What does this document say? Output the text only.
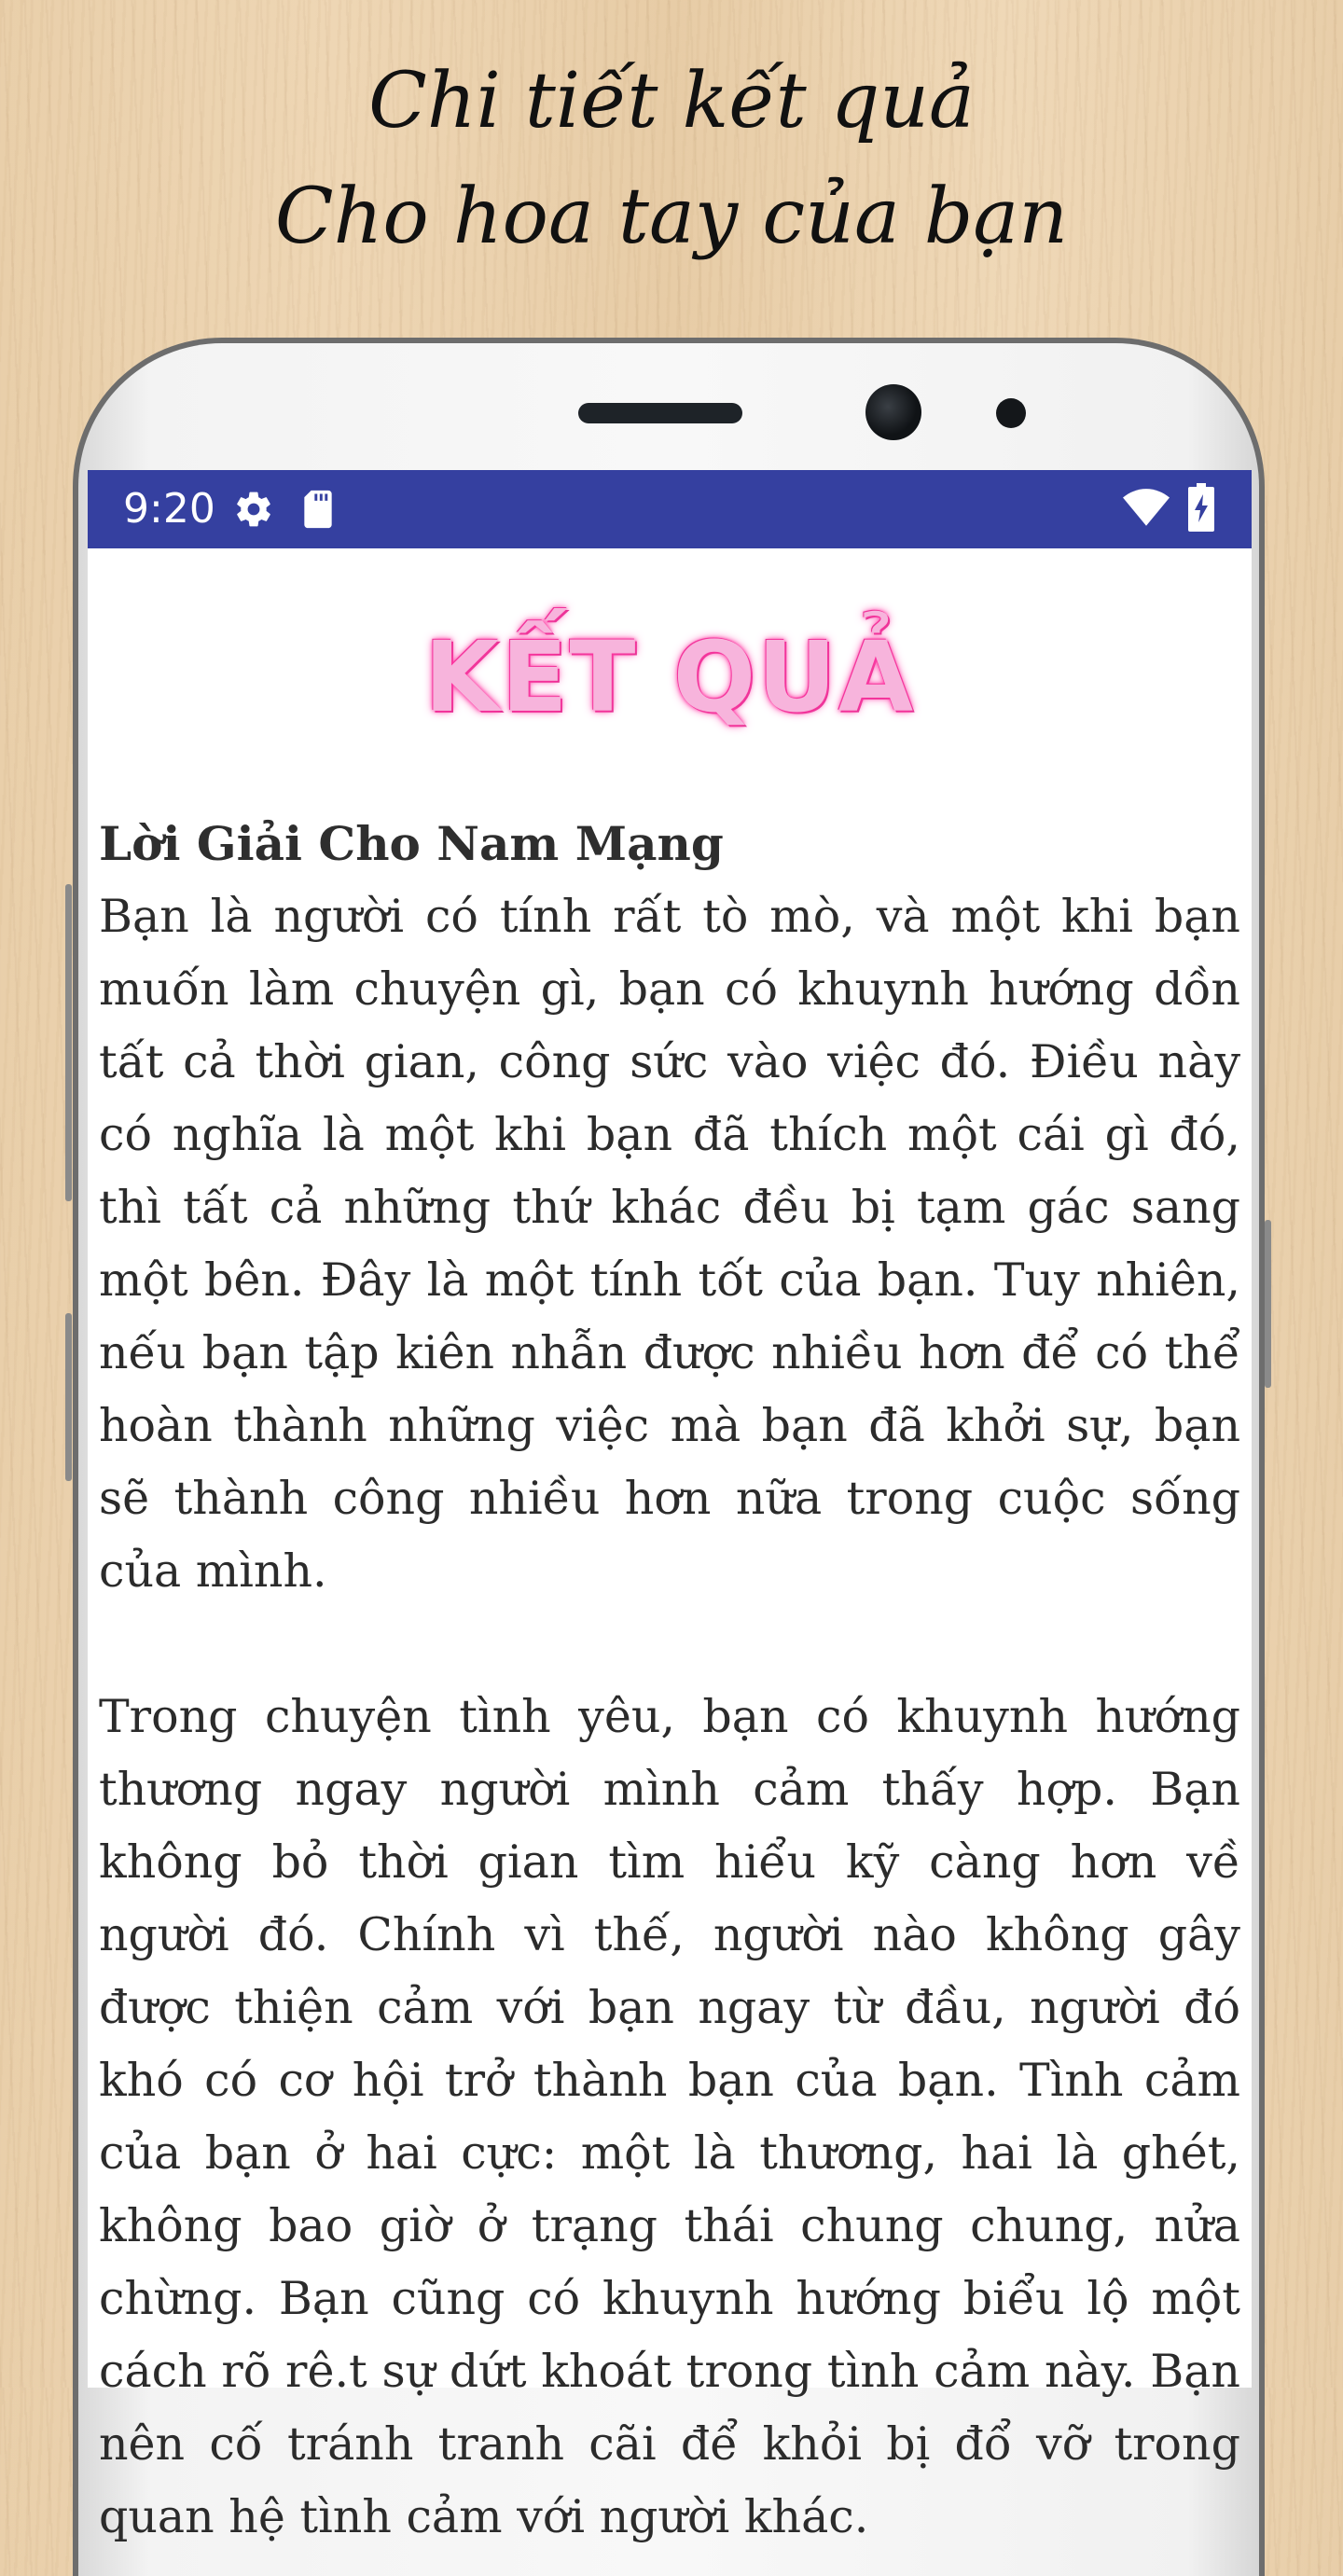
Chi tiết kết quả
Cho hoa tay của bạn
9:20
KẾT QUẢ
Lời Giải Cho Nam Mạng

Bạn là người có tính rất tò mò, và một khi bạn muốn làm chuyện gì, bạn có khuynh hướng dồn tất cả thời gian, công sức vào việc đó. Điều này có nghĩa là một khi bạn đã thích một cái gì đó, thì tất cả những thứ khác đều bị tạm gác sang một bên. Đây là một tính tốt của bạn. Tuy nhiên, nếu bạn tập kiên nhẫn được nhiều hơn để có thể hoàn thành những việc mà bạn đã khởi sự, bạn sẽ thành công nhiều hơn nữa trong cuộc sống của mình.

Trong chuyện tình yêu, bạn có khuynh hướng thương ngay người mình cảm thấy hợp. Bạn không bỏ thời gian tìm hiểu kỹ càng hơn về người đó. Chính vì thế, người nào không gây được thiện cảm với bạn ngay từ đầu, người đó khó có cơ hội trở thành bạn của bạn. Tình cảm của bạn ở hai cực: một là thương, hai là ghét, không bao giờ ở trạng thái chung chung, nửa chừng. Bạn cũng có khuynh hướng biểu lộ một cách rõ rê.t sự dứt khoát trong tình cảm này. Bạn nên cố tránh tranh cãi để khỏi bị đổ vỡ trong quan hệ tình cảm với người khác.
